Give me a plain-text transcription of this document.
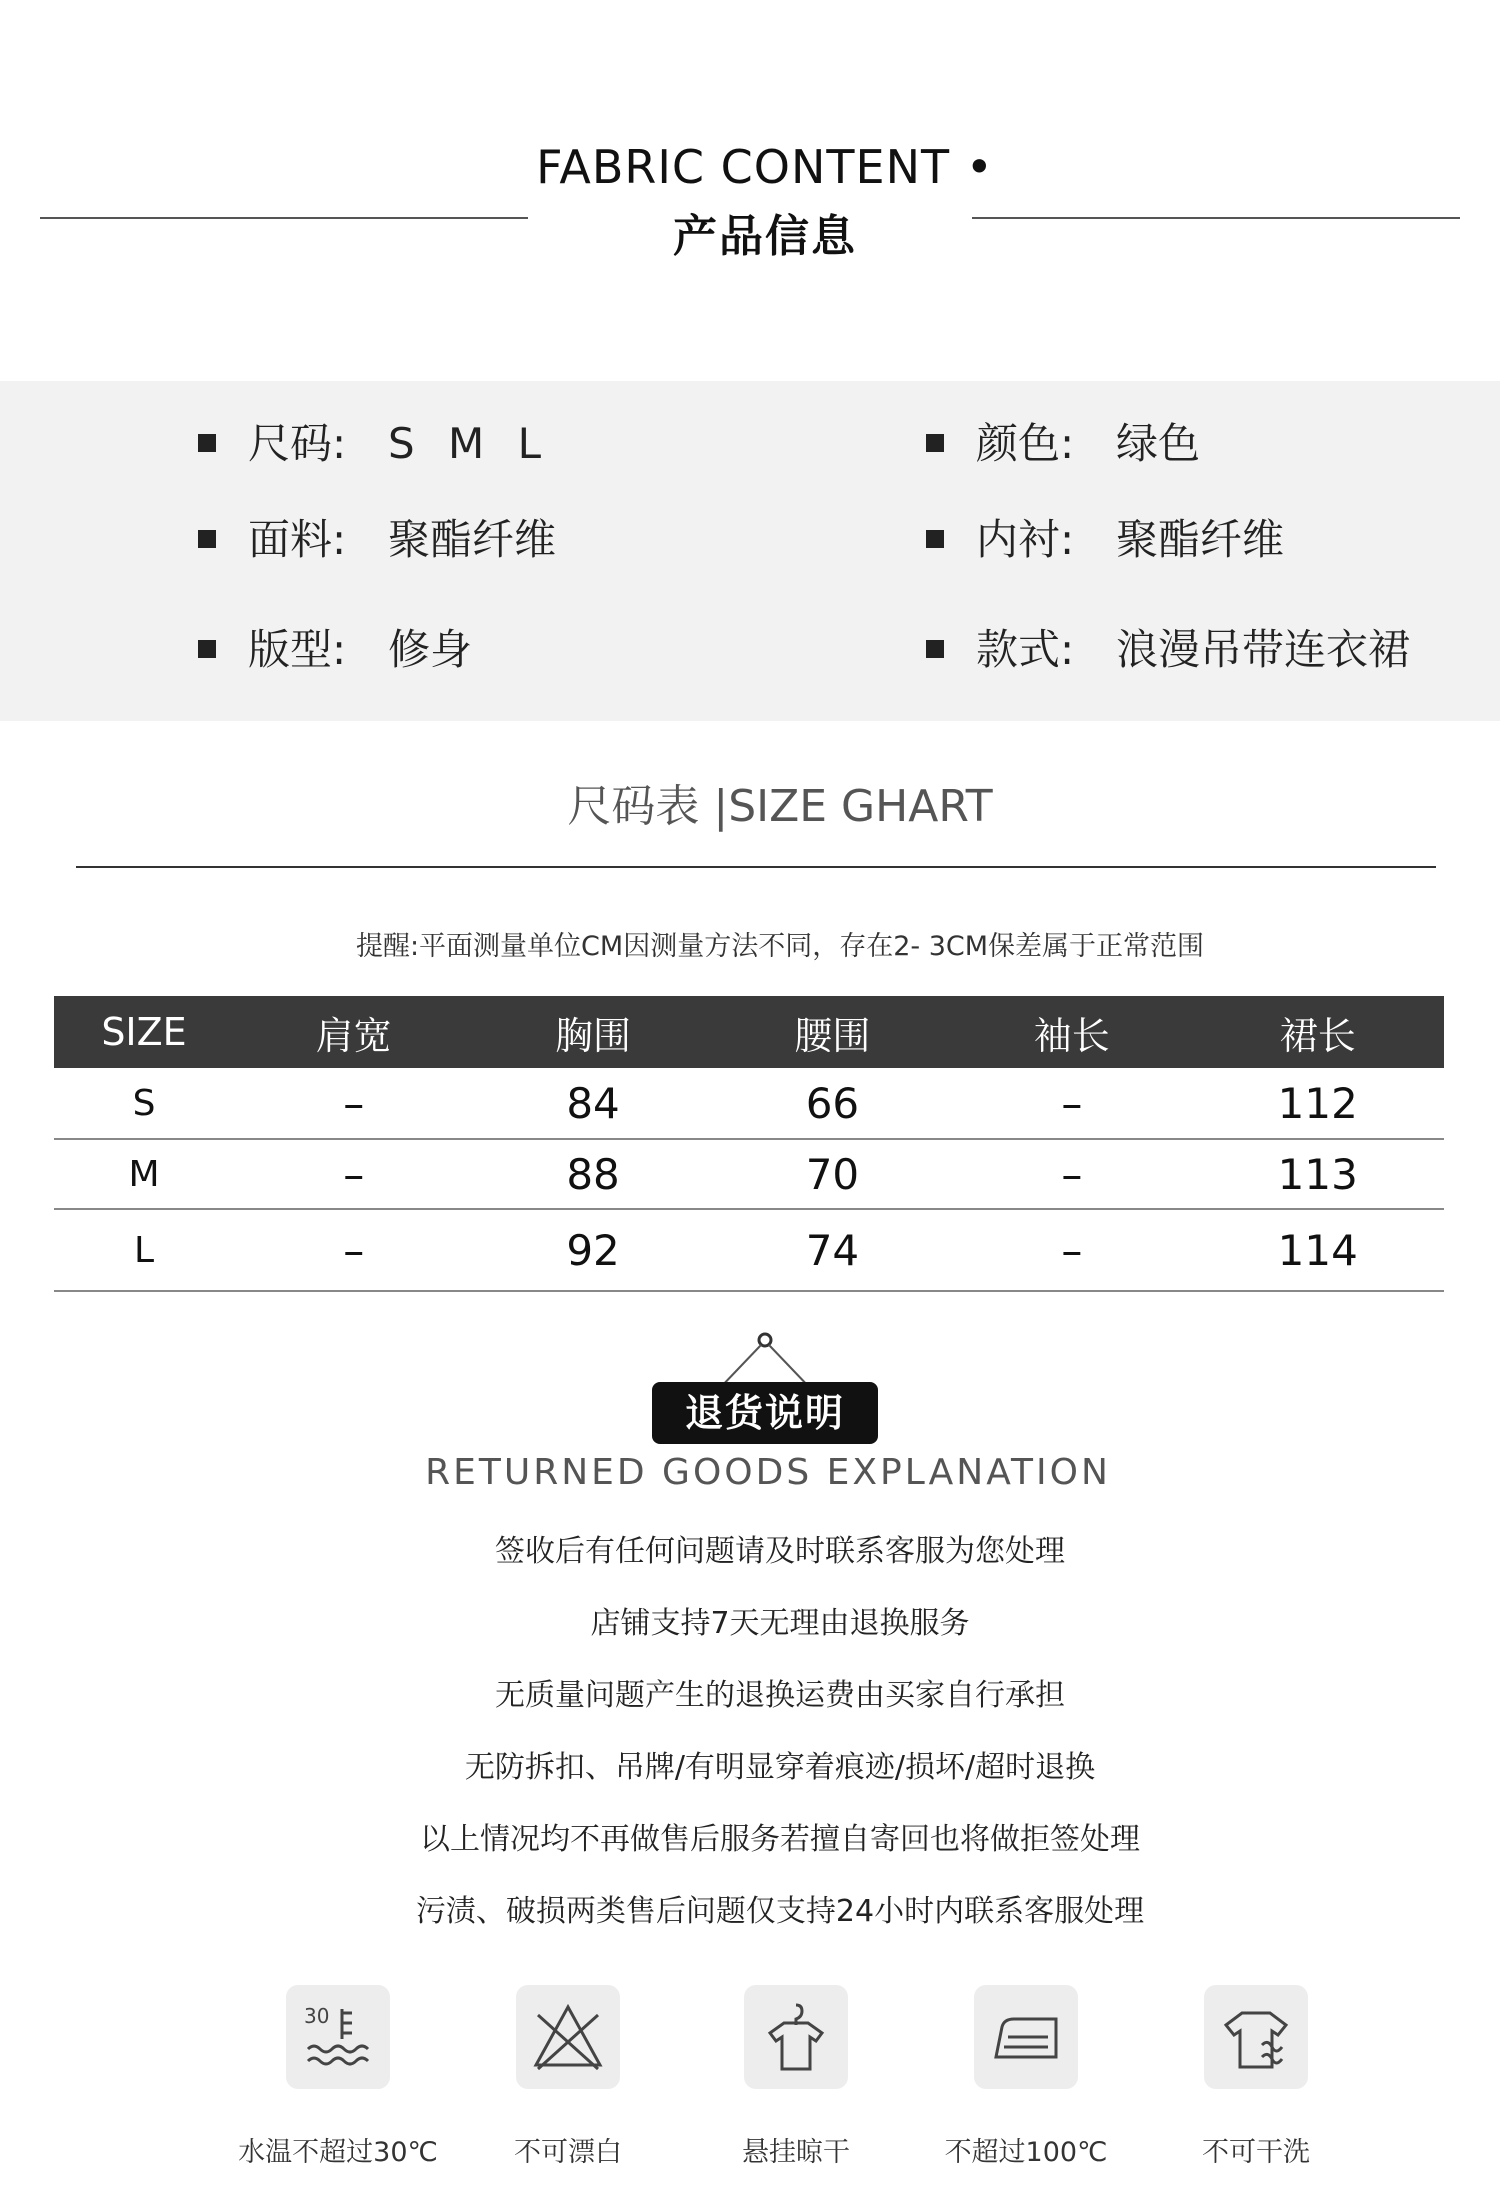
FABRIC CONTENT •
产品信息
尺码: S M L
面料: 聚酯纤维
版型: 修身
颜色: 绿色
内衬: 聚酯纤维
款式: 浪漫吊带连衣裙
尺码表 |SIZE GHART
提醒:平面测量单位CM因测量方法不同，存在2- 3CM保差属于正常范围
SIZE	肩宽	胸围	腰围	袖长	裙长
S	–	84	66	–	112
M	–	88	70	–	113
L	–	92	74	–	114
退货说明
RETURNED GOODS EXPLANATION
签收后有任何问题请及时联系客服为您处理
店铺支持7天无理由退换服务
无质量问题产生的退换运费由买家自行承担
无防拆扣、吊牌/有明显穿着痕迹/损坏/超时退换
以上情况均不再做售后服务若擅自寄回也将做拒签处理
污渍、破损两类售后问题仅支持24小时内联系客服处理
30
水温不超过30℃	不可漂白	悬挂晾干	不超过100℃	不可干洗
